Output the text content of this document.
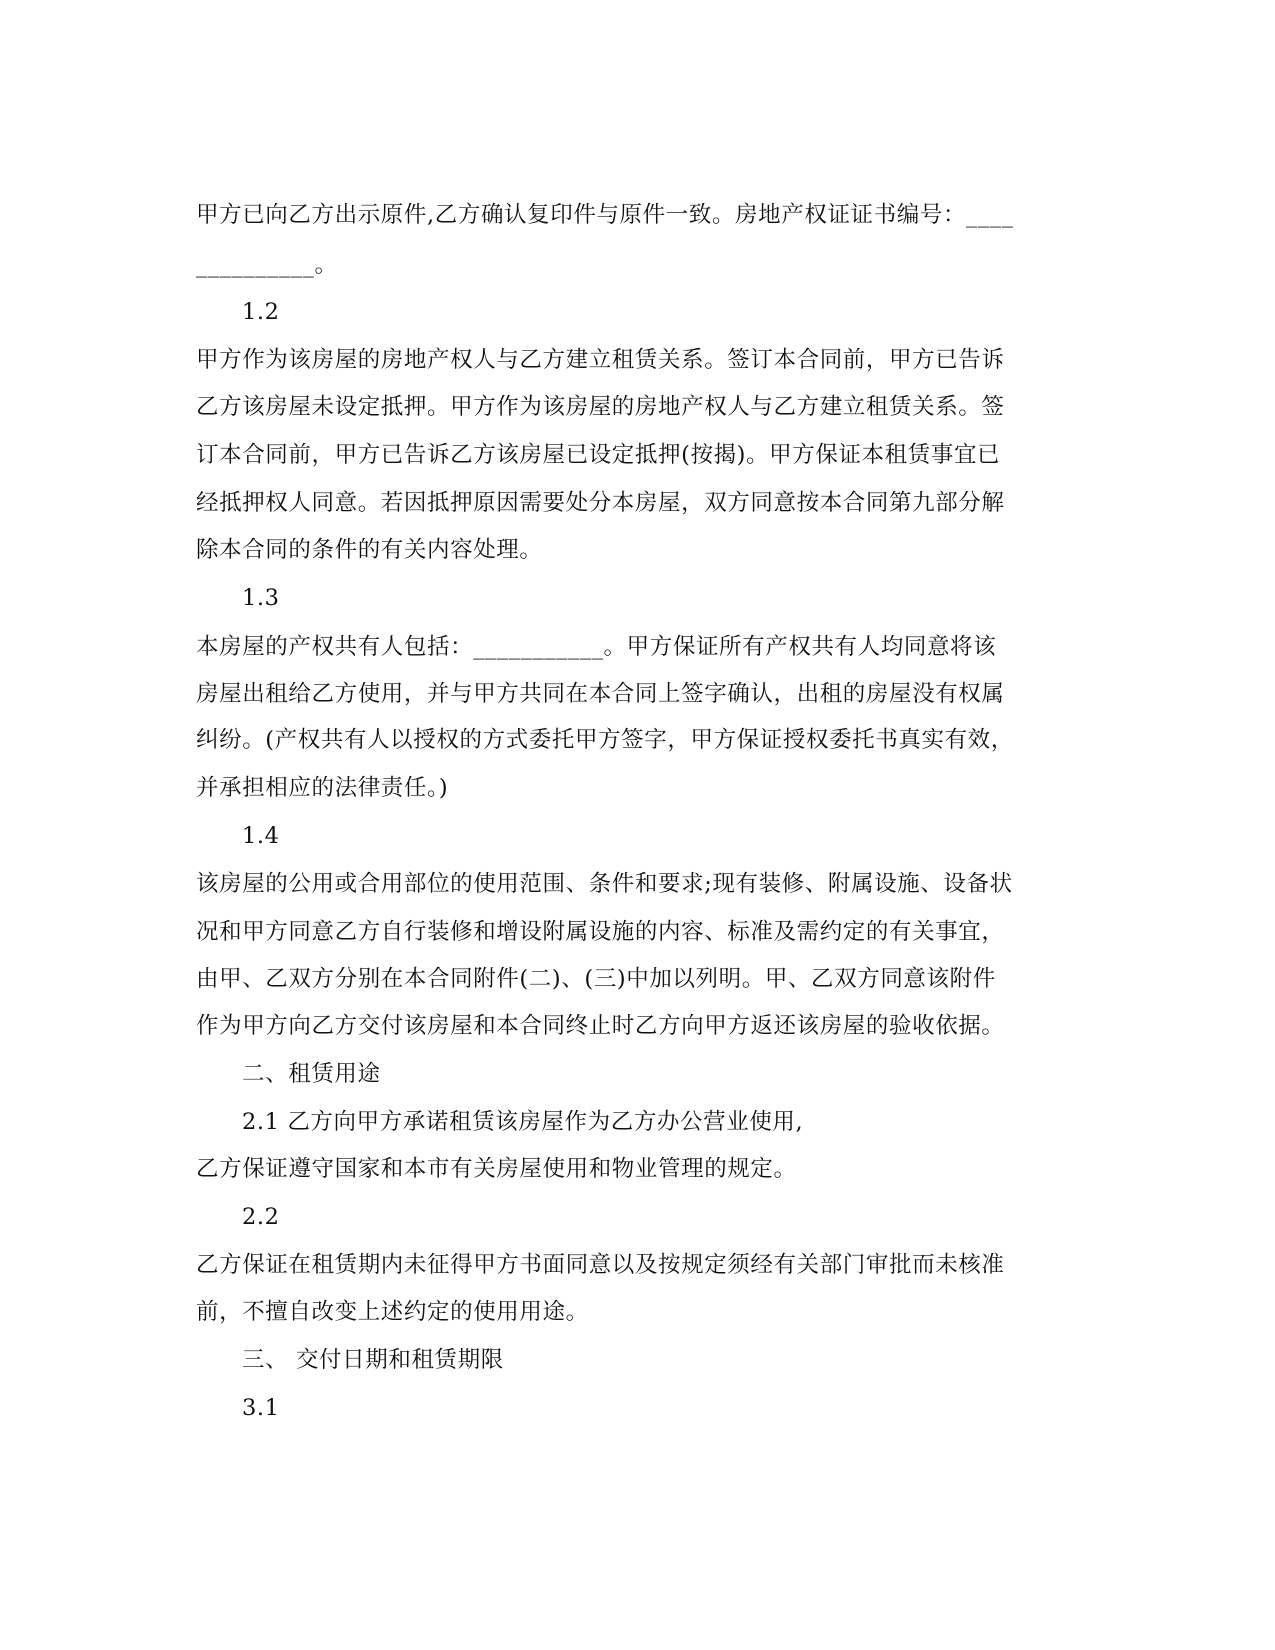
甲方已向乙方出示原件,乙方确认复印件与原件一致。房地产权证证书编号：____
__________。
1.2
甲方作为该房屋的房地产权人与乙方建立租赁关系。签订本合同前，甲方已告诉
乙方该房屋未设定抵押。甲方作为该房屋的房地产权人与乙方建立租赁关系。签
订本合同前，甲方已告诉乙方该房屋已设定抵押(按揭)。甲方保证本租赁事宜已
经抵押权人同意。若因抵押原因需要处分本房屋，双方同意按本合同第九部分解
除本合同的条件的有关内容处理。
1.3
本房屋的产权共有人包括：___________。甲方保证所有产权共有人均同意将该
房屋出租给乙方使用，并与甲方共同在本合同上签字确认，出租的房屋没有权属
纠纷。(产权共有人以授权的方式委托甲方签字，甲方保证授权委托书真实有效，
并承担相应的法律责任。)
1.4
该房屋的公用或合用部位的使用范围、条件和要求;现有装修、附属设施、设备状
况和甲方同意乙方自行装修和增设附属设施的内容、标准及需约定的有关事宜，
由甲、乙双方分别在本合同附件(二)、(三)中加以列明。甲、乙双方同意该附件
作为甲方向乙方交付该房屋和本合同终止时乙方向甲方返还该房屋的验收依据。
二、租赁用途
2.1 乙方向甲方承诺租赁该房屋作为乙方办公营业使用,
乙方保证遵守国家和本市有关房屋使用和物业管理的规定。
2.2
乙方保证在租赁期内未征得甲方书面同意以及按规定须经有关部门审批而未核准
前，不擅自改变上述约定的使用用途。
三、 交付日期和租赁期限
3.1
